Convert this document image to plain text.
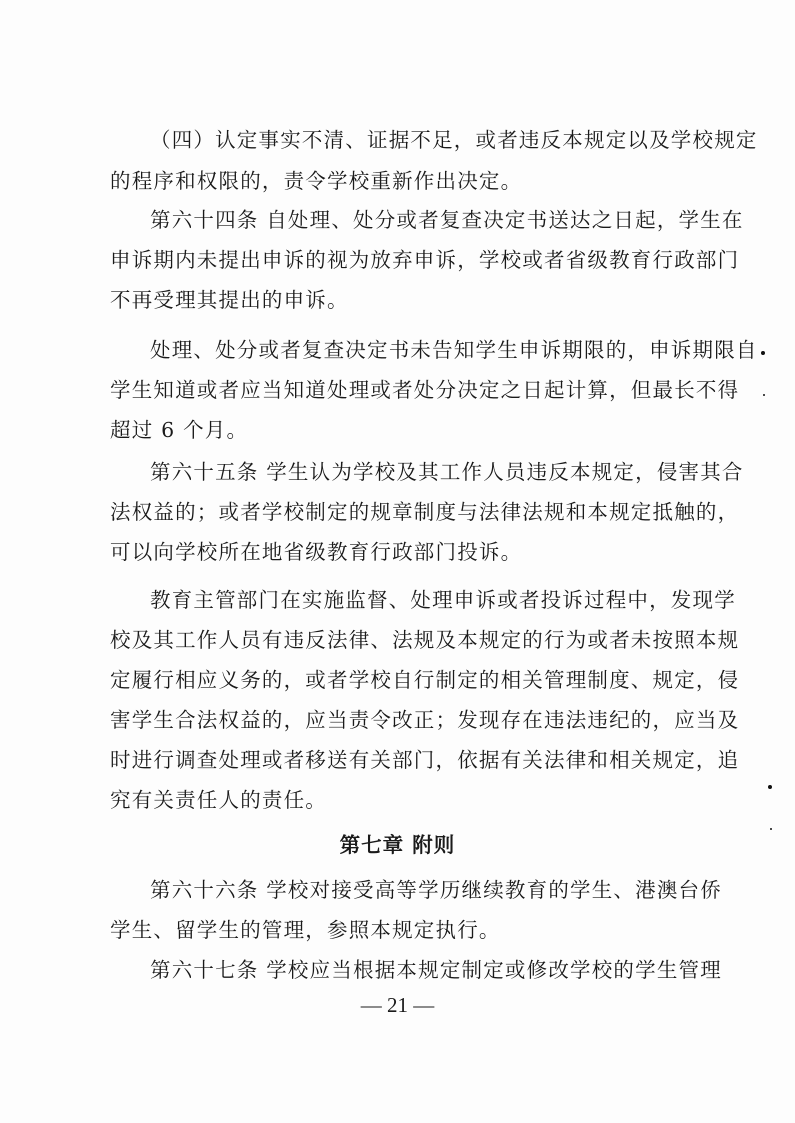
（四）认定事实不清、证据不足，或者违反本规定以及学校规定
的程序和权限的，责令学校重新作出决定。
第六十四条 自处理、处分或者复查决定书送达之日起，学生在
申诉期内未提出申诉的视为放弃申诉，学校或者省级教育行政部门
不再受理其提出的申诉。
处理、处分或者复查决定书未告知学生申诉期限的，申诉期限自
学生知道或者应当知道处理或者处分决定之日起计算，但最长不得
超过 6 个月。
第六十五条 学生认为学校及其工作人员违反本规定，侵害其合
法权益的；或者学校制定的规章制度与法律法规和本规定抵触的，
可以向学校所在地省级教育行政部门投诉。
教育主管部门在实施监督、处理申诉或者投诉过程中，发现学
校及其工作人员有违反法律、法规及本规定的行为或者未按照本规
定履行相应义务的，或者学校自行制定的相关管理制度、规定，侵
害学生合法权益的，应当责令改正；发现存在违法违纪的，应当及
时进行调查处理或者移送有关部门，依据有关法律和相关规定，追
究有关责任人的责任。
第七章 附则
第六十六条 学校对接受高等学历继续教育的学生、港澳台侨
学生、留学生的管理，参照本规定执行。
第六十七条 学校应当根据本规定制定或修改学校的学生管理
— 21 —
